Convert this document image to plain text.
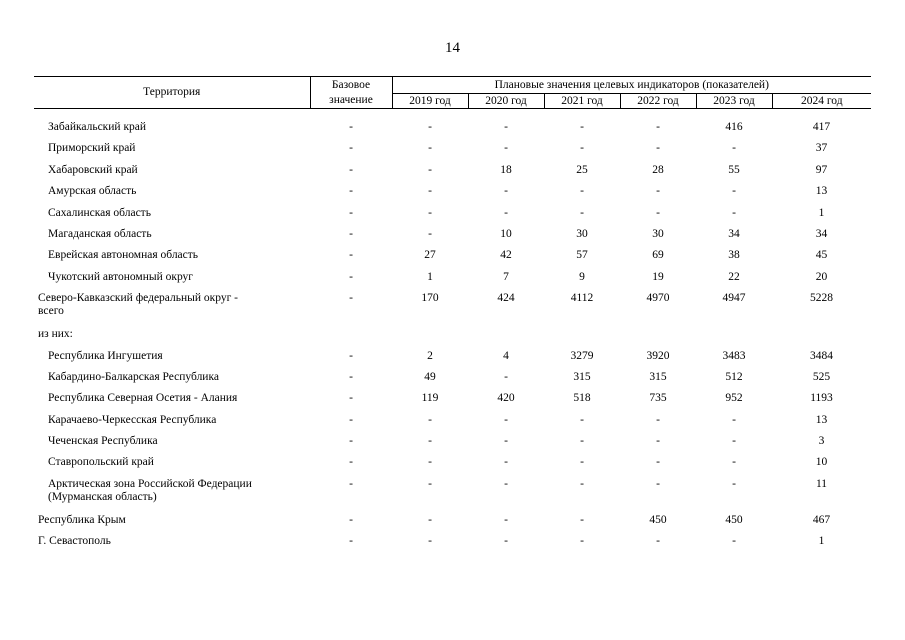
14
Территория	Базовое	Плановые значения целевых индикаторов (показателей)					
	значение	2019 год	2020 год	2021 год	2022 год	2023 год	2024 год

Забайкальский край	-	-	-	-	-	416	417

Приморский край	-	-	-	-	-	-	37

Хабаровский край	-	-	18	25	28	55	97

Амурская область	-	-	-	-	-	-	13

Сахалинская область	-	-	-	-	-	-	1

Магаданская область	-	-	10	30	30	34	34

Еврейская автономная область	-	27	42	57	69	38	45

Чукотский автономный округ	-	1	7	9	19	22	20

Северо-Кавказский федеральный округ -
всего	-	170	424	4112	4970	4947	5228

из них:							

Республика Ингушетия	-	2	4	3279	3920	3483	3484

Кабардино-Балкарская Республика	-	49	-	315	315	512	525

Республика Северная Осетия - Алания	-	119	420	518	735	952	1193

Карачаево-Черкесская Республика	-	-	-	-	-	-	13

Чеченская Республика	-	-	-	-	-	-	3

Ставропольский край	-	-	-	-	-	-	10

Арктическая зона Российской Федерации
(Мурманская область)	-	-	-	-	-	-	11

Республика Крым	-	-	-	-	450	450	467

Г. Севастополь	-	-	-	-	-	-	1
